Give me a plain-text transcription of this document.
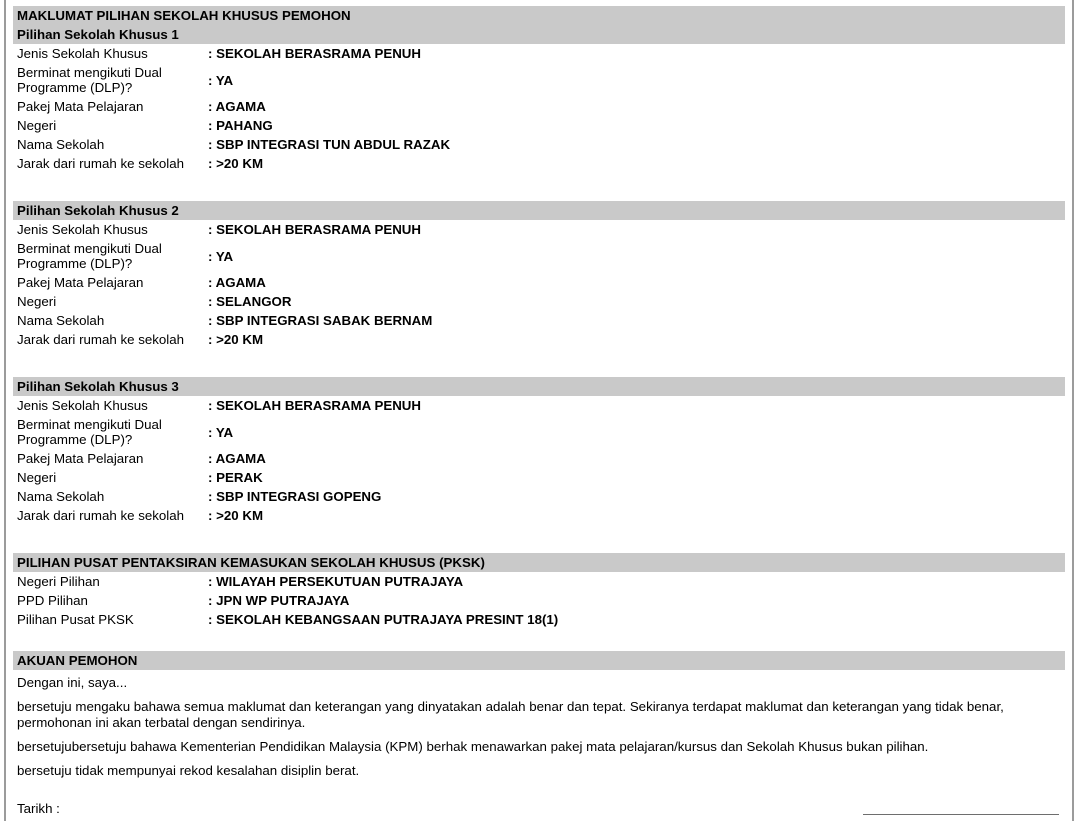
MAKLUMAT PILIHAN SEKOLAH KHUSUS PEMOHON
Pilihan Sekolah Khusus 1
Jenis Sekolah Khusus	: SEKOLAH BERASRAMA PENUH
Berminat mengikuti Dual Programme (DLP)?	: YA
Pakej Mata Pelajaran	: AGAMA
Negeri	: PAHANG
Nama Sekolah	: SBP INTEGRASI TUN ABDUL RAZAK
Jarak dari rumah ke sekolah	: >20 KM
Pilihan Sekolah Khusus 2
Jenis Sekolah Khusus	: SEKOLAH BERASRAMA PENUH
Berminat mengikuti Dual Programme (DLP)?	: YA
Pakej Mata Pelajaran	: AGAMA
Negeri	: SELANGOR
Nama Sekolah	: SBP INTEGRASI SABAK BERNAM
Jarak dari rumah ke sekolah	: >20 KM
Pilihan Sekolah Khusus 3
Jenis Sekolah Khusus	: SEKOLAH BERASRAMA PENUH
Berminat mengikuti Dual Programme (DLP)?	: YA
Pakej Mata Pelajaran	: AGAMA
Negeri	: PERAK
Nama Sekolah	: SBP INTEGRASI GOPENG
Jarak dari rumah ke sekolah	: >20 KM
PILIHAN PUSAT PENTAKSIRAN KEMASUKAN SEKOLAH KHUSUS (PKSK)
Negeri Pilihan	: WILAYAH PERSEKUTUAN PUTRAJAYA
PPD Pilihan	: JPN WP PUTRAJAYA
Pilihan Pusat PKSK	: SEKOLAH KEBANGSAAN PUTRAJAYA PRESINT 18(1)
AKUAN PEMOHON

Dengan ini, saya...

bersetuju mengaku bahawa semua maklumat dan keterangan yang dinyatakan adalah benar dan tepat. Sekiranya terdapat maklumat dan keterangan yang tidak benar, permohonan ini akan terbatal dengan sendirinya.

bersetujubersetuju bahawa Kementerian Pendidikan Malaysia (KPM) berhak menawarkan pakej mata pelajaran/kursus dan Sekolah Khusus bukan pilihan.

bersetuju tidak mempunyai rekod kesalahan disiplin berat.

Tarikh :
